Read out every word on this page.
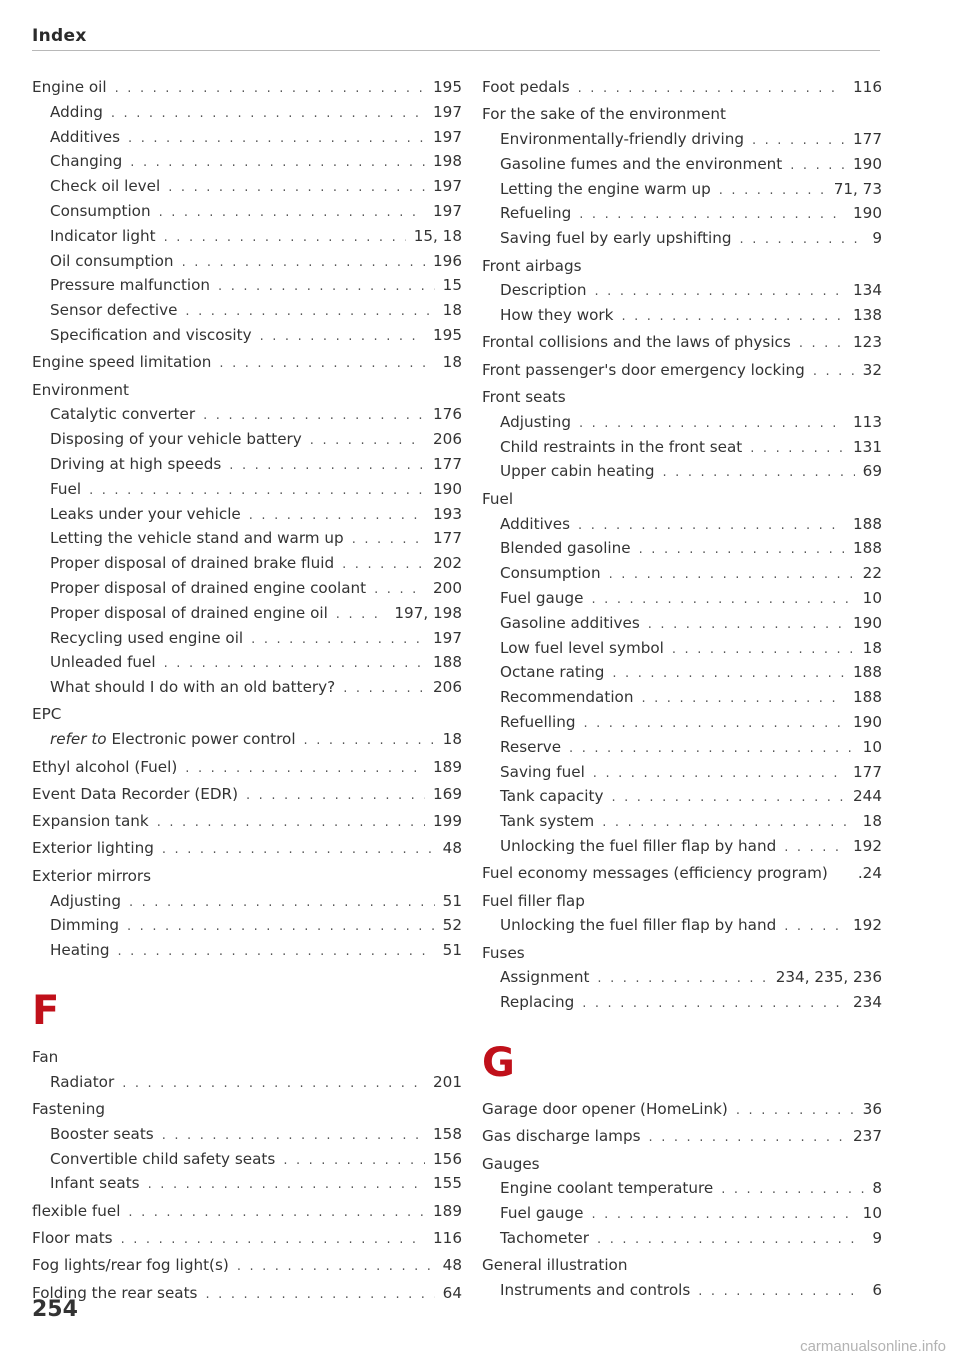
Index
Engine oil . . .	195
Adding . . .	197
Additives . . .	197
Changing . . .	198
Check oil level . . .	197
Consumption . . .	197
Indicator light . . .	15, 18
Oil consumption . . .	196
Pressure malfunction . . .	15
Sensor defective . . .	18
Specification and viscosity . . .	195
Engine speed limitation . . .	18
Environment
Catalytic converter . . .	176
Disposing of your vehicle battery . . .	206
Driving at high speeds . . .	177
Fuel . . .	190
Leaks under your vehicle . . .	193
Letting the vehicle stand and warm up . . .	177
Proper disposal of drained brake fluid . . .	202
Proper disposal of drained engine coolant . . .	200
Proper disposal of drained engine oil . . .	197, 198
Recycling used engine oil . . .	197
Unleaded fuel . . .	188
What should I do with an old battery? . . .	206
EPC
refer to Electronic power control . . .	18
Ethyl alcohol (Fuel) . . .	189
Event Data Recorder (EDR) . . .	169
Expansion tank . . .	199
Exterior lighting . . .	48
Exterior mirrors
Adjusting . . .	51
Dimming . . .	52
Heating . . .	51
F
Fan
Radiator . . .	201
Fastening
Booster seats . . .	158
Convertible child safety seats . . .	156
Infant seats . . .	155
flexible fuel . . .	189
Floor mats . . .	116
Fog lights/rear fog light(s) . . .	48
Folding the rear seats . . .	64
Foot pedals . . .	116
For the sake of the environment
Environmentally-friendly driving . . .	177
Gasoline fumes and the environment . . .	190
Letting the engine warm up . . .	71, 73
Refueling . . .	190
Saving fuel by early upshifting . . .	9
Front airbags
Description . . .	134
How they work . . .	138
Frontal collisions and the laws of physics . . .	123
Front passenger's door emergency locking . . .	32
Front seats
Adjusting . . .	113
Child restraints in the front seat . . .	131
Upper cabin heating . . .	69
Fuel
Additives . . .	188
Blended gasoline . . .	188
Consumption . . .	22
Fuel gauge . . .	10
Gasoline additives . . .	190
Low fuel level symbol . . .	18
Octane rating . . .	188
Recommendation . . .	188
Refuelling . . .	190
Reserve . . .	10
Saving fuel . . .	177
Tank capacity . . .	244
Tank system . . .	18
Unlocking the fuel filler flap by hand . . .	192
Fuel economy messages (efficiency program) .24
Fuel filler flap
Unlocking the fuel filler flap by hand . . .	192
Fuses
Assignment . . .	234, 235, 236
Replacing . . .	234
G
Garage door opener (HomeLink) . . .	36
Gas discharge lamps . . .	237
Gauges
Engine coolant temperature . . .	8
Fuel gauge . . .	10
Tachometer . . .	9
General illustration
Instruments and controls . . .	6
254
carmanualsonline.info
